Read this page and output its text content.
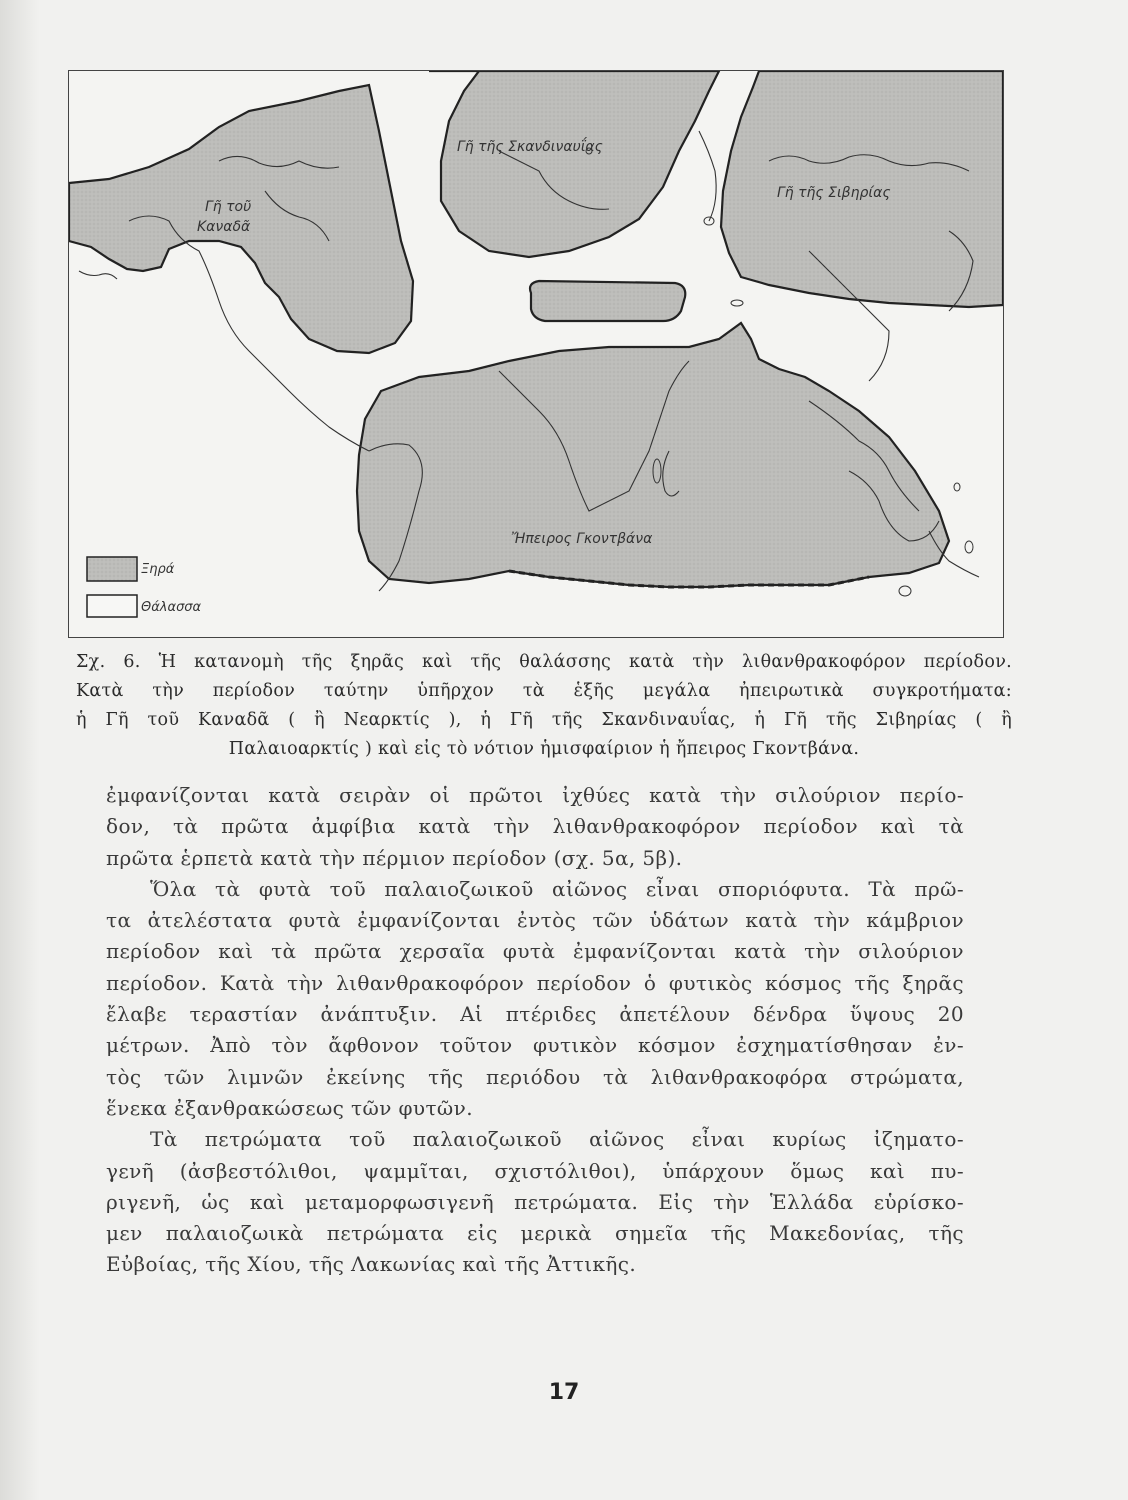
Γῆ τοῦ
Καναδᾶ
Γῆ τῆς Σκανδιναυΐας
Γῆ τῆς Σιβηρίας
Ἤπειρος Γκοντβάνα
Ξηρά
Θάλασσα

Σχ. 6. Ἡ κατανομὴ τῆς ξηρᾶς καὶ τῆς θαλάσσης κατὰ τὴν λιθανθρακοφόρον περίοδον.

Κατὰ τὴν περίοδον ταύτην ὑπῆρχον τὰ ἑξῆς μεγάλα ἠπειρωτικὰ συγκροτήματα:

ἡ Γῆ τοῦ Καναδᾶ ( ἢ Νεαρκτίς ), ἡ Γῆ τῆς Σκανδιναυΐας, ἡ Γῆ τῆς Σιβηρίας ( ἢ

Παλαιοαρκτίς ) καὶ εἰς τὸ νότιον ἡμισφαίριον ἡ ἤπειρος Γκοντβάνα.

ἐμφανίζονται κατὰ σειρὰν οἱ πρῶτοι ἰχθύες κατὰ τὴν σιλούριον περίο-
δον, τὰ πρῶτα ἀμφίβια κατὰ τὴν λιθανθρακοφόρον περίοδον καὶ τὰ
πρῶτα ἑρπετὰ κατὰ τὴν πέρμιον περίοδον (σχ. 5α, 5β).
Ὅλα τὰ φυτὰ τοῦ παλαιοζωικοῦ αἰῶνος εἶναι σποριόφυτα. Τὰ πρῶ-
τα ἀτελέστατα φυτὰ ἐμφανίζονται ἐντὸς τῶν ὑδάτων κατὰ τὴν κάμβριον
περίοδον καὶ τὰ πρῶτα χερσαῖα φυτὰ ἐμφανίζονται κατὰ τὴν σιλούριον
περίοδον. Κατὰ τὴν λιθανθρακοφόρον περίοδον ὁ φυτικὸς κόσμος τῆς ξηρᾶς
ἔλαβε τεραστίαν ἀνάπτυξιν. Αἱ πτέριδες ἀπετέλουν δένδρα ὕψους 20
μέτρων. Ἀπὸ τὸν ἄφθονον τοῦτον φυτικὸν κόσμον ἐσχηματίσθησαν ἐν-
τὸς τῶν λιμνῶν ἐκείνης τῆς περιόδου τὰ λιθανθρακοφόρα στρώματα,
ἕνεκα ἐξανθρακώσεως τῶν φυτῶν.
Τὰ πετρώματα τοῦ παλαιοζωικοῦ αἰῶνος εἶναι κυρίως ἰζηματο-
γενῆ (ἀσβεστόλιθοι, ψαμμῖται, σχιστόλιθοι), ὑπάρχουν ὅμως καὶ πυ-
ριγενῆ, ὡς καὶ μεταμορφωσιγενῆ πετρώματα. Εἰς τὴν Ἑλλάδα εὑρίσκο-
μεν παλαιοζωικὰ πετρώματα εἰς μερικὰ σημεῖα τῆς Μακεδονίας, τῆς
Εὐβοίας, τῆς Χίου, τῆς Λακωνίας καὶ τῆς Ἀττικῆς.
17
